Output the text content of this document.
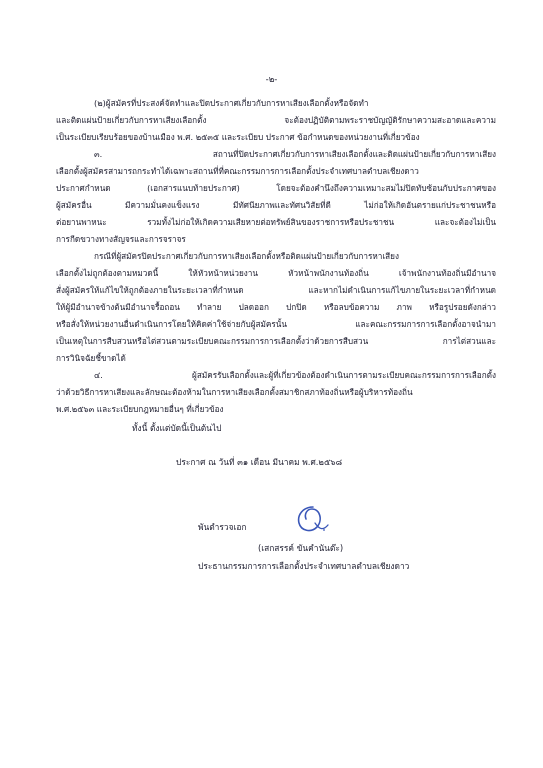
-๒-
(๒)ผู้สมัครที่ประสงค์จัดทำและปิดประกาศเกี่ยวกับการหาเสียงเลือกตั้งหรือจัดทำ
และติดแผ่นป้ายเกี่ยวกับการหาเสียงเลือกตั้ง จะต้องปฏิบัติตามพระราชบัญญัติรักษาความสะอาดและความ
เป็นระเบียบเรียบร้อยของบ้านเมือง พ.ศ. ๒๕๓๕ และระเบียบ ประกาศ ข้อกำหนดของหน่วยงานที่เกี่ยวข้อง
๓. สถานที่ปิดประกาศเกี่ยวกับการหาเสียงเลือกตั้งและติดแผ่นป้ายเกี่ยวกับการหาเสียง
เลือกตั้งผู้สมัครสามารถกระทำได้เฉพาะสถานที่ที่คณะกรรมการการเลือกตั้งประจำเทศบาลตำบลเชียงดาว
ประกาศกำหนด (เอกสารแนบท้ายประกาศ) โดยจะต้องคำนึงถึงความเหมาะสมไม่ปิดทับซ้อนกับประกาศของ
ผู้สมัครอื่น มีความมั่นคงแข็งแรง มีทัศนียภาพและทัศนวิสัยที่ดี ไม่ก่อให้เกิดอันตรายแก่ประชาชนหรือ
ต่อยานพาหนะ รวมทั้งไม่ก่อให้เกิดความเสียหายต่อทรัพย์สินของราชการหรือประชาชน และจะต้องไม่เป็น
การกีดขวางทางสัญจรและการจราจร
กรณีที่ผู้สมัครปิดประกาศเกี่ยวกับการหาเสียงเลือกตั้งหรือติดแผ่นป้ายเกี่ยวกับการหาเสียง
เลือกตั้งไม่ถูกต้องตามหมวดนี้ ให้หัวหน้าหน่วยงาน หัวหน้าพนักงานท้องถิ่น เจ้าพนักงานท้องถิ่นมีอำนาจ
สั่งผู้สมัครให้แก้ไขให้ถูกต้องภายในระยะเวลาที่กำหนด และหากไม่ดำเนินการแก้ไขภายในระยะเวลาที่กำหนด
ให้ผู้มีอำนาจข้างต้นมีอำนาจรื้อถอน ทำลาย ปลดออก ปกปิด หรือลบข้อความ ภาพ หรือรูปรอยดังกล่าว
หรือสั่งให้หน่วยงานอื่นดำเนินการโดยให้คิดค่าใช้จ่ายกับผู้สมัครนั้น และคณะกรรมการการเลือกตั้งอาจนำมา
เป็นเหตุในการสืบสวนหรือไต่สวนตามระเบียบคณะกรรมการการเลือกตั้งว่าด้วยการสืบสวน การไต่สวนและ
การวินิจฉัยชี้ขาดได้
๔. ผู้สมัครรับเลือกตั้งและผู้ที่เกี่ยวข้องต้องดำเนินการตามระเบียบคณะกรรมการการเลือกตั้ง
ว่าด้วยวิธีการหาเสียงและลักษณะต้องห้ามในการหาเสียงเลือกตั้งสมาชิกสภาท้องถิ่นหรือผู้บริหารท้องถิ่น
พ.ศ.๒๕๖๓ และระเบียบกฎหมายอื่นๆ ที่เกี่ยวข้อง
ทั้งนี้ ตั้งแต่บัดนี้เป็นต้นไป
ประกาศ ณ วันที่ ๓๑ เดือน มีนาคม พ.ศ.๒๕๖๘
พันตำรวจเอก
(เสกสรรค์ ขันคำนันต๊ะ)
ประธานกรรมการการเลือกตั้งประจำเทศบาลตำบลเชียงดาว
